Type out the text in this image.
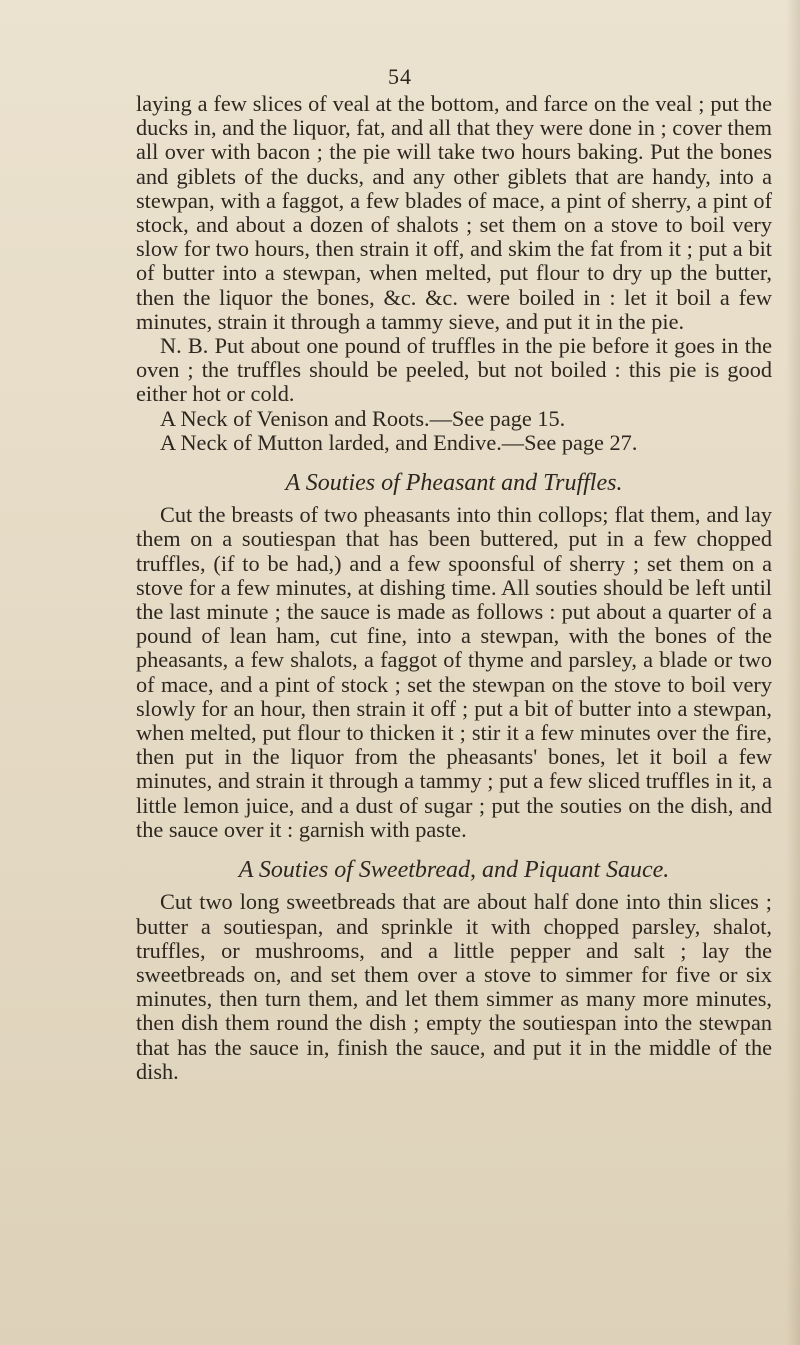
54

laying a few slices of veal at the bottom, and farce on the veal ; put the ducks in, and the liquor, fat, and all that they were done in ; cover them all over with bacon ; the pie will take two hours baking. Put the bones and giblets of the ducks, and any other giblets that are handy, into a stewpan, with a faggot, a few blades of mace, a pint of sherry, a pint of stock, and about a dozen of shalots ; set them on a stove to boil very slow for two hours, then strain it off, and skim the fat from it ; put a bit of butter into a stewpan, when melted, put flour to dry up the butter, then the liquor the bones, &c. &c. were boiled in : let it boil a few minutes, strain it through a tammy sieve, and put it in the pie.

N. B. Put about one pound of truffles in the pie before it goes in the oven ; the truffles should be peeled, but not boiled : this pie is good either hot or cold.

A Neck of Venison and Roots.—See page 15.

A Neck of Mutton larded, and Endive.—See page 27.

A Souties of Pheasant and Truffles.

Cut the breasts of two pheasants into thin collops; flat them, and lay them on a soutiespan that has been buttered, put in a few chopped truffles, (if to be had,) and a few spoonsful of sherry ; set them on a stove for a few minutes, at dishing time. All souties should be left until the last minute ; the sauce is made as follows : put about a quarter of a pound of lean ham, cut fine, into a stewpan, with the bones of the pheasants, a few shalots, a faggot of thyme and parsley, a blade or two of mace, and a pint of stock ; set the stewpan on the stove to boil very slowly for an hour, then strain it off ; put a bit of butter into a stewpan, when melted, put flour to thicken it ; stir it a few minutes over the fire, then put in the liquor from the pheasants' bones, let it boil a few minutes, and strain it through a tammy ; put a few sliced truffles in it, a little lemon juice, and a dust of sugar ; put the souties on the dish, and the sauce over it : garnish with paste.

A Souties of Sweetbread, and Piquant Sauce.

Cut two long sweetbreads that are about half done into thin slices ; butter a soutiespan, and sprinkle it with chopped parsley, shalot, truffles, or mushrooms, and a little pepper and salt ; lay the sweetbreads on, and set them over a stove to simmer for five or six minutes, then turn them, and let them simmer as many more minutes, then dish them round the dish ; empty the soutiespan into the stewpan that has the sauce in, finish the sauce, and put it in the middle of the dish.
